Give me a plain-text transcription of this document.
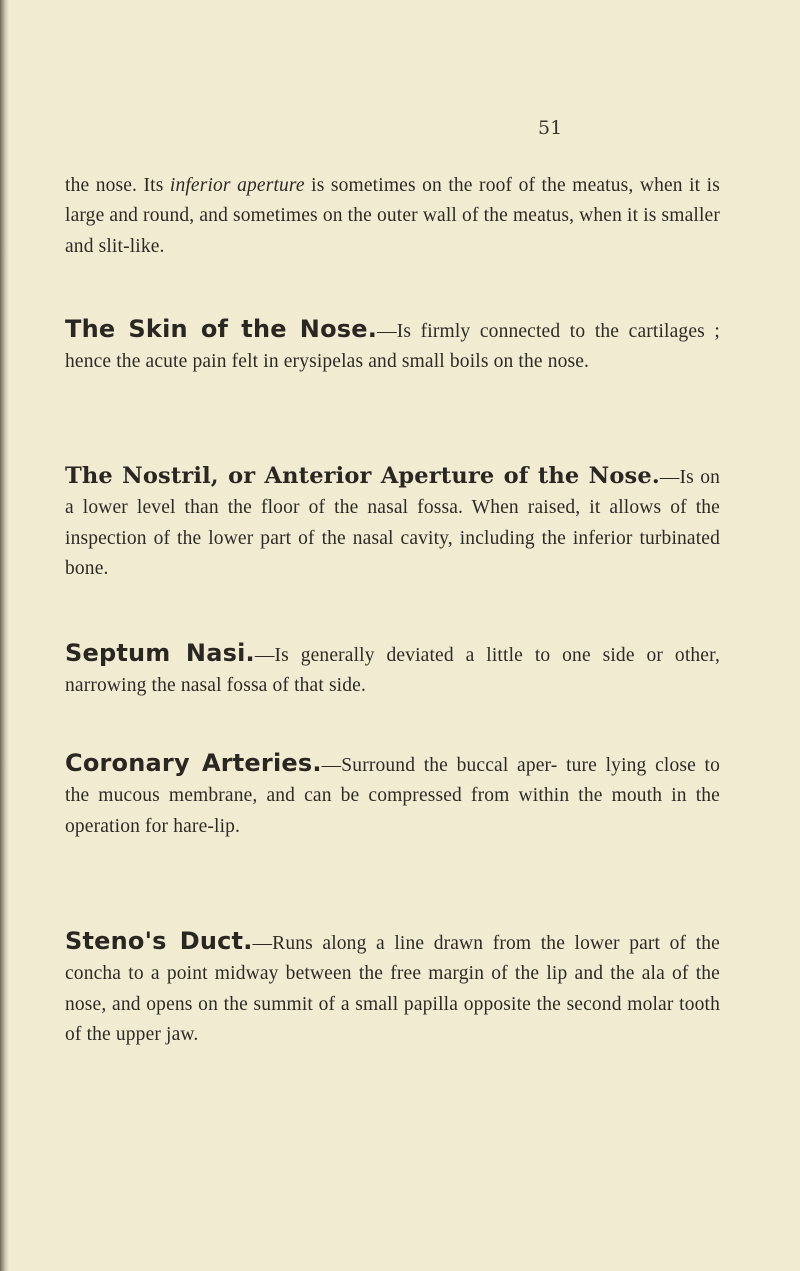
51

the nose. Its inferior aperture is sometimes on the roof of the meatus, when it is large and round, and sometimes on the outer wall of the meatus, when it is smaller and slit-like.

The Skin of the Nose.—Is firmly connected to the cartilages ; hence the acute pain felt in erysipelas and small boils on the nose.

The Nostril, or Anterior Aperture of the Nose.—Is on a lower level than the floor of the nasal fossa. When raised, it allows of the inspection of the lower part of the nasal cavity, including the inferior turbinated bone.

Septum Nasi.—Is generally deviated a little to one side or other, narrowing the nasal fossa of that side.

Coronary Arteries.—Surround the buccal aper- ture lying close to the mucous membrane, and can be compressed from within the mouth in the operation for hare-lip.

Steno's Duct.—Runs along a line drawn from the lower part of the concha to a point midway between the free margin of the lip and the ala of the nose, and opens on the summit of a small papilla opposite the second molar tooth of the upper jaw.
